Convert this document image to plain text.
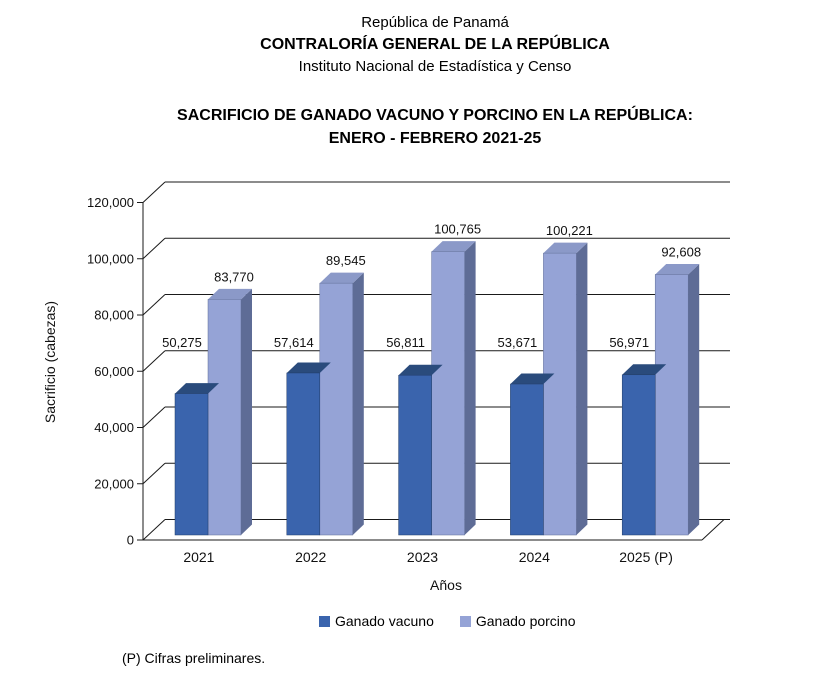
República de Panamá
CONTRALORÍA GENERAL DE LA REPÚBLICA
Instituto Nacional de Estadística y Censo
SACRIFICIO DE GANADO VACUNO Y PORCINO EN LA REPÚBLICA:
ENERO - FEBRERO 2021-25
0
20,000
40,000
60,000
80,000
100,000
120,000
50,275
83,770
2021
57,614
89,545
2022
56,811
100,765
2023
53,671
100,221
2024
56,971
92,608
2025 (P)
Años
Sacrificio (cabezas)
Ganado vacuno	Ganado porcino
(P) Cifras preliminares.
